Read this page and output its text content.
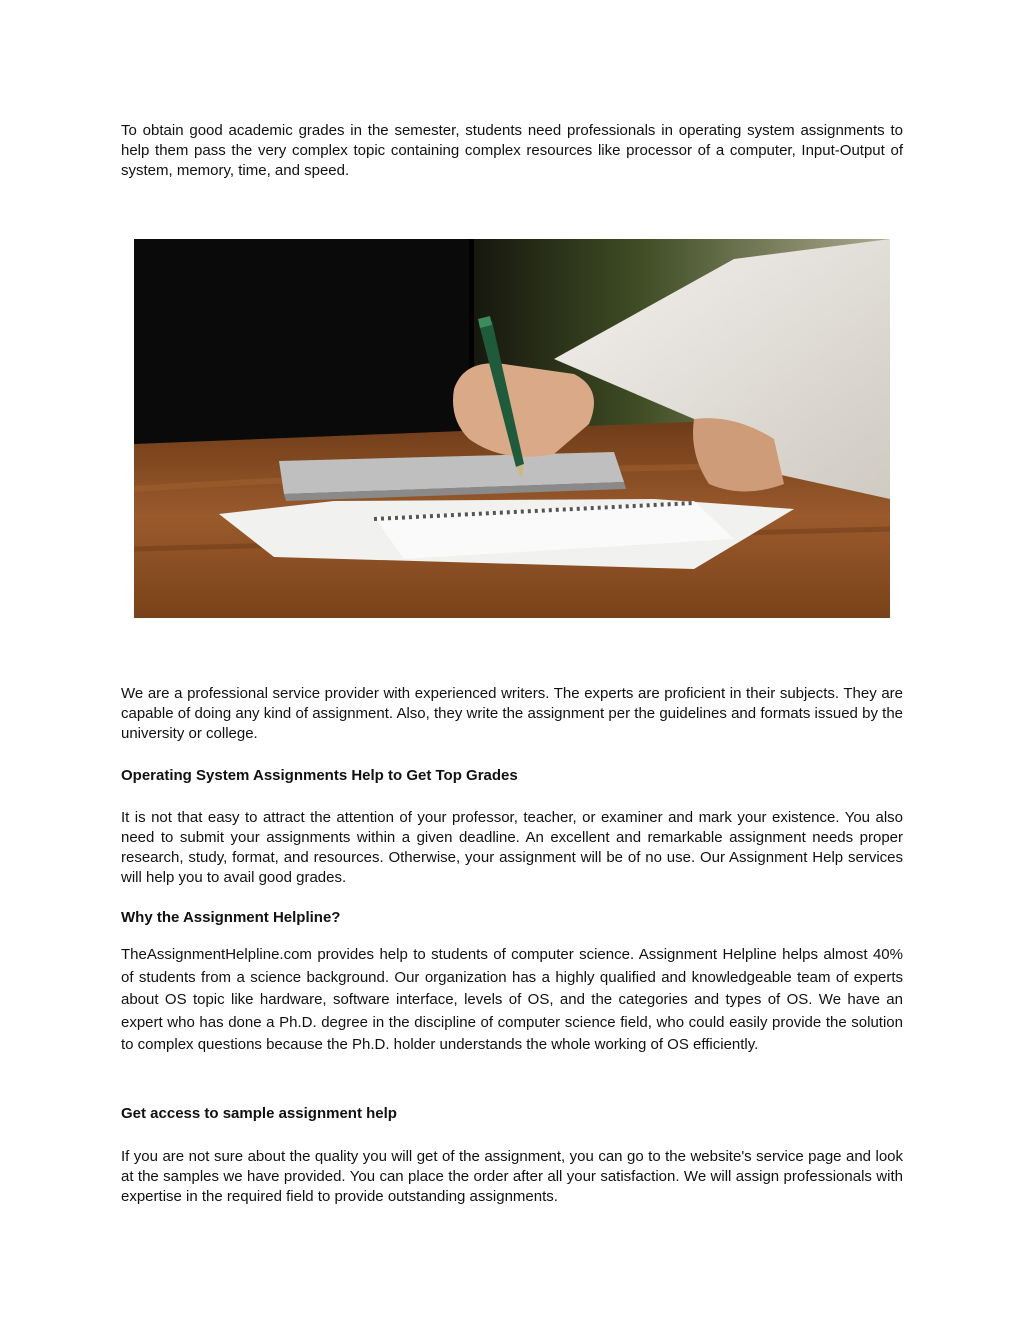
To obtain good academic grades in the semester, students need professionals in operating system assignments to help them pass the very complex topic containing complex resources like processor of a computer, Input-Output of system, memory, time, and speed.

We are a professional service provider with experienced writers. The experts are proficient in their subjects. They are capable of doing any kind of assignment. Also, they write the assignment per the guidelines and formats issued by the university or college.

Operating System Assignments Help to Get Top Grades

It is not that easy to attract the attention of your professor, teacher, or examiner and mark your existence. You also need to submit your assignments within a given deadline. An excellent and remarkable assignment needs proper research, study, format, and resources. Otherwise, your assignment will be of no use. Our Assignment Help services will help you to avail good grades.

Why the Assignment Helpline?

TheAssignmentHelpline.com provides help to students of computer science. Assignment Helpline helps almost 40% of students from a science background. Our organization has a highly qualified and knowledgeable team of experts about OS topic like hardware, software interface, levels of OS, and the categories and types of OS. We have an expert who has done a Ph.D. degree in the discipline of computer science field, who could easily provide the solution to complex questions because the Ph.D. holder understands the whole working of OS efficiently.

Get access to sample assignment help

If you are not sure about the quality you will get of the assignment, you can go to the website's service page and look at the samples we have provided. You can place the order after all your satisfaction. We will assign professionals with expertise in the required field to provide outstanding assignments.
